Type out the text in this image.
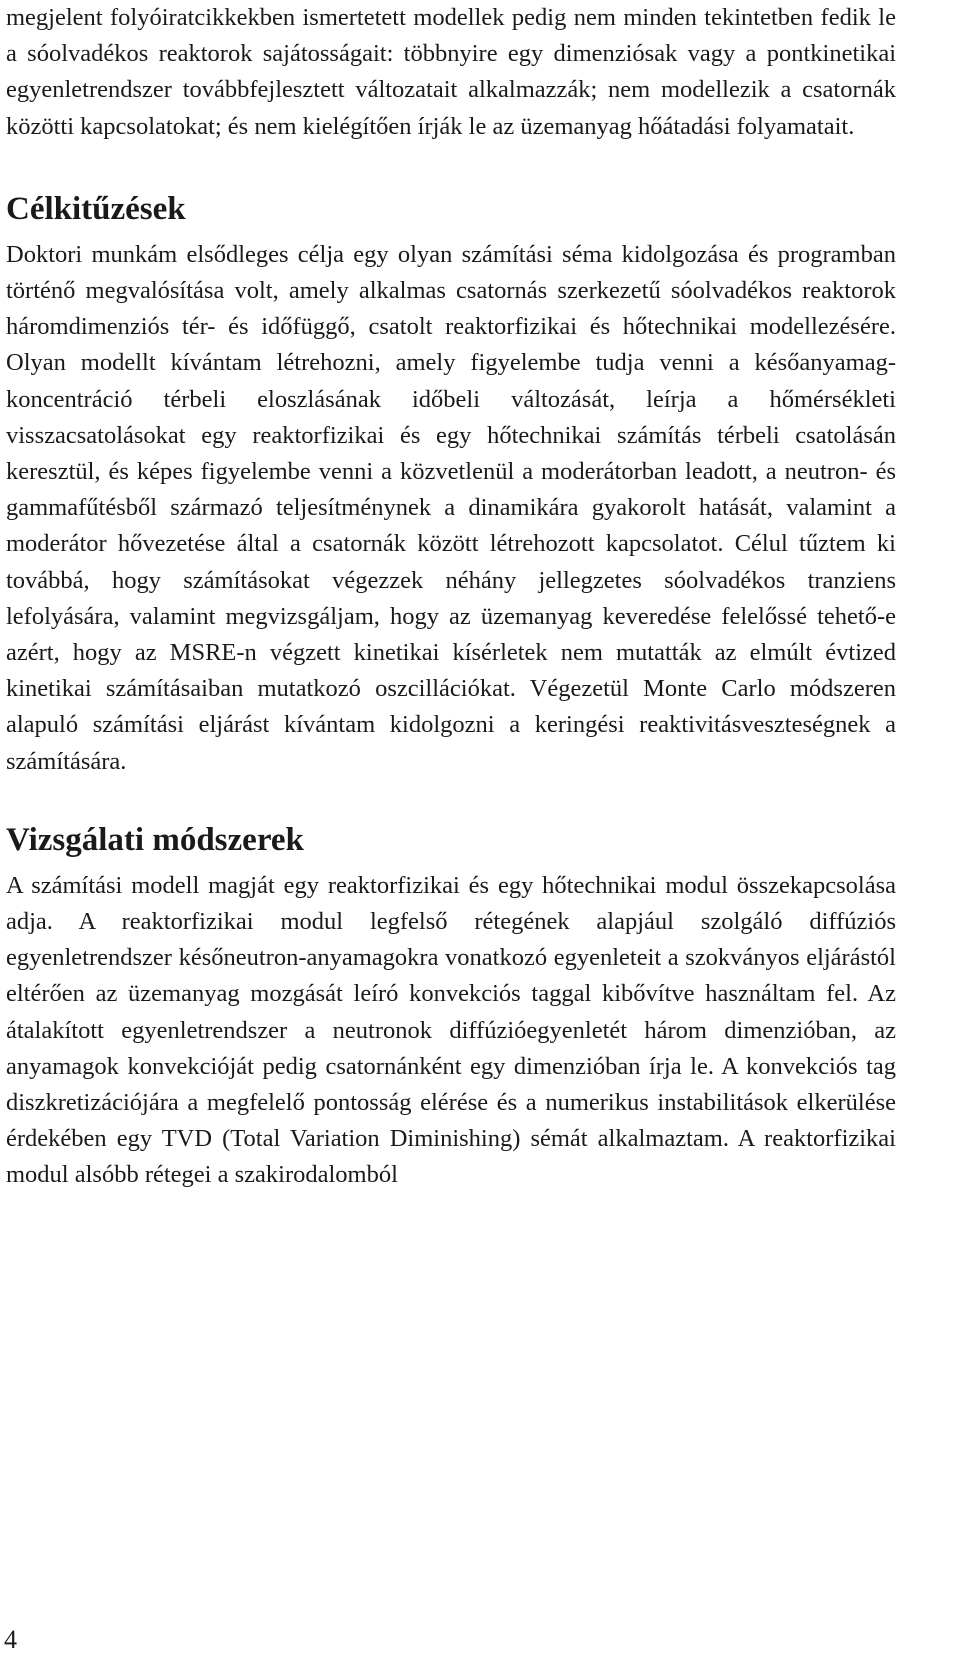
megjelent folyóiratcikkekben ismertetett modellek pedig nem minden tekintetben fedik le a sóolvadékos reaktorok sajátosságait: többnyire egy dimenziósak vagy a pontkinetikai egyenletrendszer továbbfejlesztett változatait alkalmazzák; nem modellezik a csatornák közötti kapcsolatokat; és nem kielégítően írják le az üzemanyag hőátadási folyamatait.

Célkitűzések

Doktori munkám elsődleges célja egy olyan számítási séma kidolgozása és programban történő megvalósítása volt, amely alkalmas csatornás szerkezetű sóolvadékos reaktorok háromdimenziós tér- és időfüggő, csatolt reaktorfizikai és hőtechnikai modellezésére. Olyan modellt kívántam létrehozni, amely figyelembe tudja venni a későanyamag-koncentráció térbeli eloszlásának időbeli változását, leírja a hőmérsékleti visszacsatolásokat egy reaktorfizikai és egy hőtechnikai számítás térbeli csatolásán keresztül, és képes figyelembe venni a közvetlenül a moderátorban leadott, a neutron- és gammafűtésből származó teljesítménynek a dinamikára gyakorolt hatását, valamint a moderátor hővezetése által a csatornák között létrehozott kapcsolatot. Célul tűztem ki továbbá, hogy számításokat végezzek néhány jellegzetes sóolvadékos tranziens lefolyására, valamint megvizsgáljam, hogy az üzemanyag keveredése felelőssé tehető-e azért, hogy az MSRE-n végzett kinetikai kísérletek nem mutatták az elmúlt évtized kinetikai számításaiban mutatkozó oszcillációkat. Végezetül Monte Carlo módszeren alapuló számítási eljárást kívántam kidolgozni a keringési reaktivitásveszteségnek a számítására.

Vizsgálati módszerek

A számítási modell magját egy reaktorfizikai és egy hőtechnikai modul összekapcsolása adja. A reaktorfizikai modul legfelső rétegének alapjául szolgáló diffúziós egyenletrendszer későneutron-anyamagokra vonatkozó egyenleteit a szokványos eljárástól eltérően az üzemanyag mozgását leíró konvekciós taggal kibővítve használtam fel. Az átalakított egyenletrendszer a neutronok diffúzióegyenletét három dimenzióban, az anyamagok konvekcióját pedig csatornánként egy dimenzióban írja le. A konvekciós tag diszkretizációjára a megfelelő pontosság elérése és a numerikus instabilitások elkerülése érdekében egy TVD (Total Variation Diminishing) sémát alkalmaztam. A reaktorfizikai modul alsóbb rétegei a szakirodalomból

4
